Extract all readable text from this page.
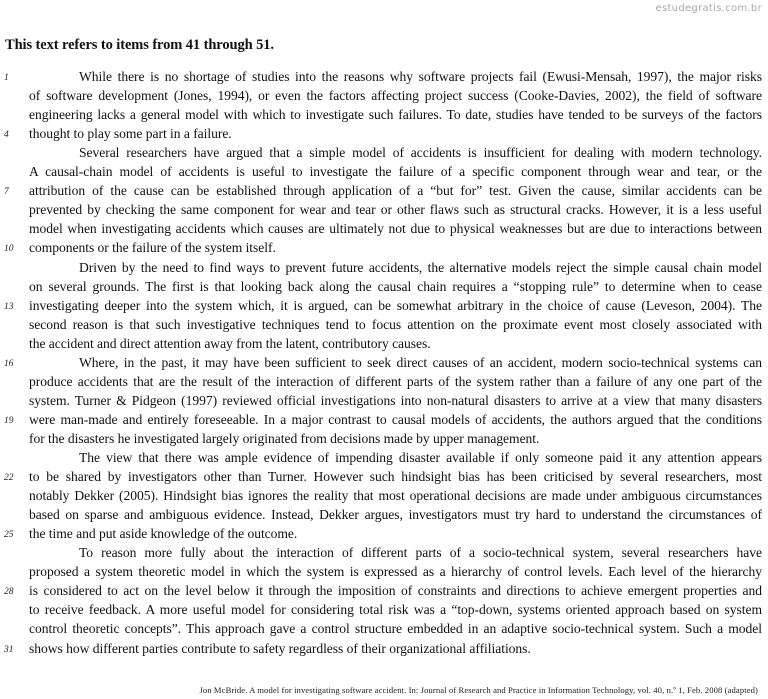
estudegratis.com.br
This text refers to items from 41 through 51.
While there is no shortage of studies into the reasons why software projects fail (Ewusi-Mensah, 1997), the major risks
of software development (Jones, 1994), or even the factors affecting project success (Cooke-Davies, 2002), the field of software
engineering lacks a general model with which to investigate such failures. To date, studies have tended to be surveys of the factors
thought to play some part in a failure.
Several researchers have argued that a simple model of accidents is insufficient for dealing with modern technology.
A causal-chain model of accidents is useful to investigate the failure of a specific component through wear and tear, or the
attribution of the cause can be established through application of a “but for” test. Given the cause, similar accidents can be
prevented by checking the same component for wear and tear or other flaws such as structural cracks. However, it is a less useful
model when investigating accidents which causes are ultimately not due to physical weaknesses but are due to interactions between
components or the failure of the system itself.
Driven by the need to find ways to prevent future accidents, the alternative models reject the simple causal chain model
on several grounds. The first is that looking back along the causal chain requires a “stopping rule” to determine when to cease
investigating deeper into the system which, it is argued, can be somewhat arbitrary in the choice of cause (Leveson, 2004). The
second reason is that such investigative techniques tend to focus attention on the proximate event most closely associated with
the accident and direct attention away from the latent, contributory causes.
Where, in the past, it may have been sufficient to seek direct causes of an accident, modern socio-technical systems can
produce accidents that are the result of the interaction of different parts of the system rather than a failure of any one part of the
system. Turner & Pidgeon (1997) reviewed official investigations into non-natural disasters to arrive at a view that many disasters
were man-made and entirely foreseeable. In a major contrast to causal models of accidents, the authors argued that the conditions
for the disasters he investigated largely originated from decisions made by upper management.
The view that there was ample evidence of impending disaster available if only someone paid it any attention appears
to be shared by investigators other than Turner. However such hindsight bias has been criticised by several researchers, most
notably Dekker (2005). Hindsight bias ignores the reality that most operational decisions are made under ambiguous circumstances
based on sparse and ambiguous evidence. Instead, Dekker argues, investigators must try hard to understand the circumstances of
the time and put aside knowledge of the outcome.
To reason more fully about the interaction of different parts of a socio-technical system, several researchers have
proposed a system theoretic model in which the system is expressed as a hierarchy of control levels. Each level of the hierarchy
is considered to act on the level below it through the imposition of constraints and directions to achieve emergent properties and
to receive feedback. A more useful model for considering total risk was a “top-down, systems oriented approach based on system
control theoretic concepts”. This approach gave a control structure embedded in an adaptive socio-technical system. Such a model
shows how different parties contribute to safety regardless of their organizational affiliations.
1
4
7
10
13
16
19
22
25
28
31
Jon McBride. A model for investigating software accident. In: Journal of Research and Practice in Information Technology, vol. 40, n.º 1, Feb. 2008 (adapted)
